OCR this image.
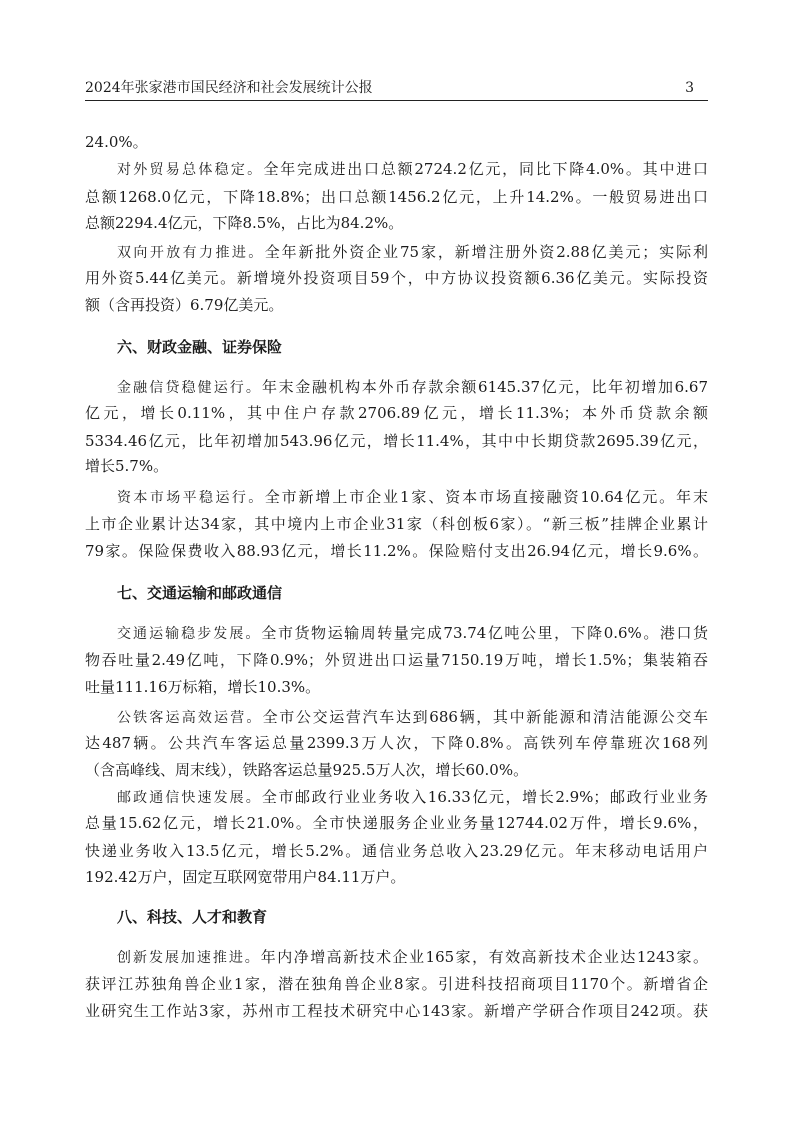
2024年张家港市国民经济和社会发展统计公报	3
24.0%。
对外贸易总体稳定。全年完成进出口总额2724.2亿元，同比下降4.0%。其中进口
总额1268.0亿元，下降18.8%；出口总额1456.2亿元，上升14.2%。一般贸易进出口
总额2294.4亿元，下降8.5%，占比为84.2%。
双向开放有力推进。全年新批外资企业75家，新增注册外资2.88亿美元；实际利
用外资5.44亿美元。新增境外投资项目59个，中方协议投资额6.36亿美元。实际投资
额（含再投资）6.79亿美元。
六、财政金融、证券保险
金融信贷稳健运行。年末金融机构本外币存款余额6145.37亿元，比年初增加6.67
亿元，增长0.11%，其中住户存款2706.89亿元，增长11.3%；本外币贷款余额
5334.46亿元，比年初增加543.96亿元，增长11.4%，其中中长期贷款2695.39亿元，
增长5.7%。
资本市场平稳运行。全市新增上市企业1家、资本市场直接融资10.64亿元。年末
上市企业累计达34家，其中境内上市企业31家（科创板6家）。“新三板”挂牌企业累计
79家。保险保费收入88.93亿元，增长11.2%。保险赔付支出26.94亿元，增长9.6%。
七、交通运输和邮政通信
交通运输稳步发展。全市货物运输周转量完成73.74亿吨公里，下降0.6%。港口货
物吞吐量2.49亿吨，下降0.9%；外贸进出口运量7150.19万吨，增长1.5%；集装箱吞
吐量111.16万标箱，增长10.3%。
公铁客运高效运营。全市公交运营汽车达到686辆，其中新能源和清洁能源公交车
达487辆。公共汽车客运总量2399.3万人次，下降0.8%。高铁列车停靠班次168列
（含高峰线、周末线），铁路客运总量925.5万人次，增长60.0%。
邮政通信快速发展。全市邮政行业业务收入16.33亿元，增长2.9%；邮政行业业务
总量15.62亿元，增长21.0%。全市快递服务企业业务量12744.02万件，增长9.6%，
快递业务收入13.5亿元，增长5.2%。通信业务总收入23.29亿元。年末移动电话用户
192.42万户，固定互联网宽带用户84.11万户。
八、科技、人才和教育
创新发展加速推进。年内净增高新技术企业165家，有效高新技术企业达1243家。
获评江苏独角兽企业1家，潜在独角兽企业8家。引进科技招商项目1170个。新增省企
业研究生工作站3家，苏州市工程技术研究中心143家。新增产学研合作项目242项。获
